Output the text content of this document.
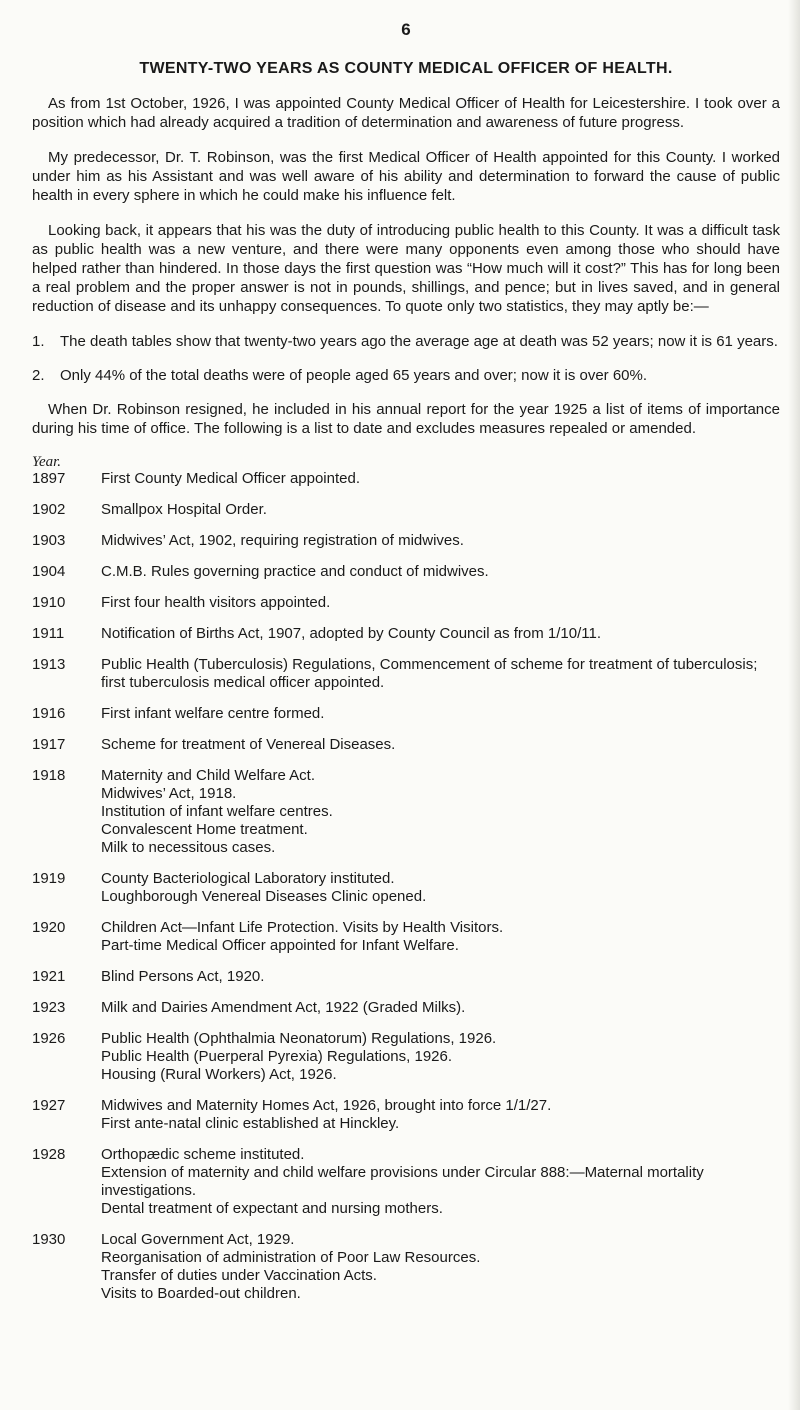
6
TWENTY-TWO YEARS AS COUNTY MEDICAL OFFICER OF HEALTH.

As from 1st October, 1926, I was appointed County Medical Officer of Health for Leicestershire. I took over a position which had already acquired a tradition of determination and awareness of future progress.

My predecessor, Dr. T. Robinson, was the first Medical Officer of Health appointed for this County. I worked under him as his Assistant and was well aware of his ability and determination to forward the cause of public health in every sphere in which he could make his influence felt.

Looking back, it appears that his was the duty of introducing public health to this County. It was a difficult task as public health was a new venture, and there were many opponents even among those who should have helped rather than hindered. In those days the first question was “How much will it cost?” This has for long been a real problem and the proper answer is not in pounds, shillings, and pence; but in lives saved, and in general reduction of disease and its unhappy consequences. To quote only two statistics, they may aptly be:—

1.	The death tables show that twenty-two years ago the average age at death was 52 years; now it is 61 years.
2.	Only 44% of the total deaths were of people aged 65 years and over; now it is over 60%.

When Dr. Robinson resigned, he included in his annual report for the year 1925 a list of items of importance during his time of office. The following is a list to date and excludes measures repealed or amended.

Year.
1897	First County Medical Officer appointed.
1902	Smallpox Hospital Order.
1903	Midwives’ Act, 1902, requiring registration of midwives.
1904	C.M.B. Rules governing practice and conduct of midwives.
1910	First four health visitors appointed.
1911	Notification of Births Act, 1907, adopted by County Council as from 1/10/11.
1913	Public Health (Tuberculosis) Regulations, Commencement of scheme for treatment of tuberculosis; first tuberculosis medical officer appointed.
1916	First infant welfare centre formed.
1917	Scheme for treatment of Venereal Diseases.
1918	Maternity and Child Welfare Act.
Midwives’ Act, 1918.
Institution of infant welfare centres.
Convalescent Home treatment.
Milk to necessitous cases.
1919	County Bacteriological Laboratory instituted.
Loughborough Venereal Diseases Clinic opened.
1920	Children Act—Infant Life Protection. Visits by Health Visitors.
Part-time Medical Officer appointed for Infant Welfare.
1921	Blind Persons Act, 1920.
1923	Milk and Dairies Amendment Act, 1922 (Graded Milks).
1926	Public Health (Ophthalmia Neonatorum) Regulations, 1926.
Public Health (Puerperal Pyrexia) Regulations, 1926.
Housing (Rural Workers) Act, 1926.
1927	Midwives and Maternity Homes Act, 1926, brought into force 1/1/27.
First ante-natal clinic established at Hinckley.
1928	Orthopædic scheme instituted.
Extension of maternity and child welfare provisions under Circular 888:—Maternal mortality investigations.
Dental treatment of expectant and nursing mothers.
1930	Local Government Act, 1929.
Reorganisation of administration of Poor Law Resources.
Transfer of duties under Vaccination Acts.
Visits to Boarded-out children.
